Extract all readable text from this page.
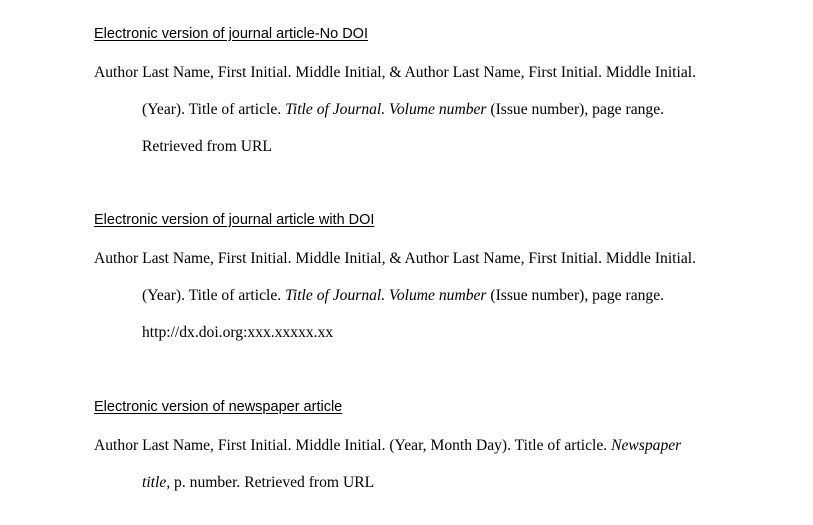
Electronic version of journal article-No DOI
Author Last Name, First Initial. Middle Initial, & Author Last Name, First Initial. Middle Initial.
(Year). Title of article. Title of Journal. Volume number (Issue number), page range.
Retrieved from URL
Electronic version of journal article with DOI
Author Last Name, First Initial. Middle Initial, & Author Last Name, First Initial. Middle Initial.
(Year). Title of article. Title of Journal. Volume number (Issue number), page range.
http://dx.doi.org:xxx.xxxxx.xx
Electronic version of newspaper article
Author Last Name, First Initial. Middle Initial. (Year, Month Day). Title of article. Newspaper
title, p. number. Retrieved from URL
